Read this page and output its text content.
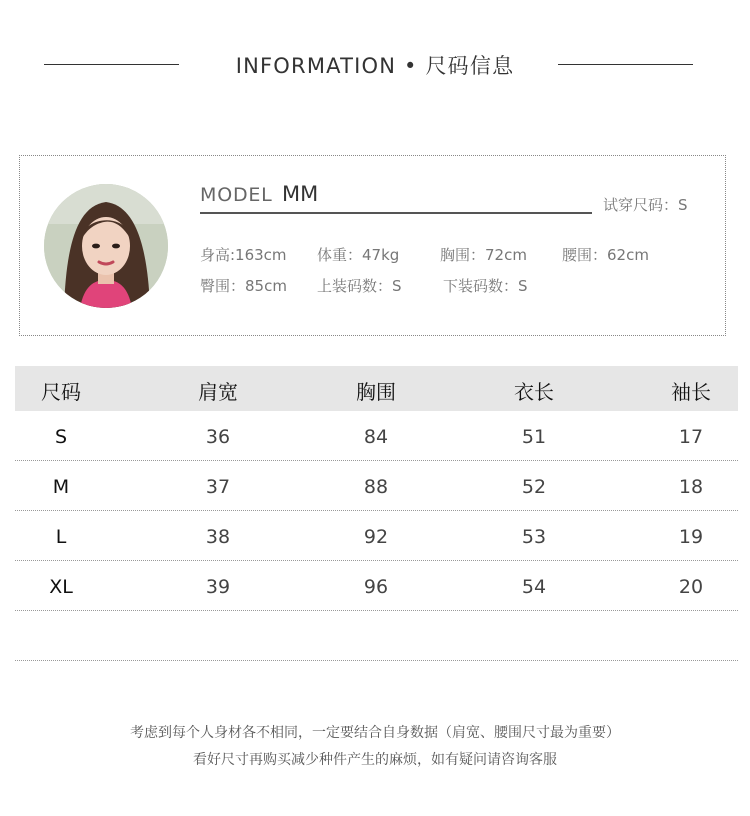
INFORMATION • 尺码信息
MODEL MM	试穿尺码：S
身高:163cm 体重：47kg	胸围：72cm 腰围：62cm
臀围：85cm 上装码数：S	下装码数：S
尺码	肩宽	胸围	衣长	袖长
S	36	84	51	17
M	37	88	52	18
L	38	92	53	19
XL	39	96	54	20
考虑到每个人身材各不相同，一定要结合自身数据（肩宽、腰围尺寸最为重要）
看好尺寸再购买减少种件产生的麻烦，如有疑问请咨询客服
